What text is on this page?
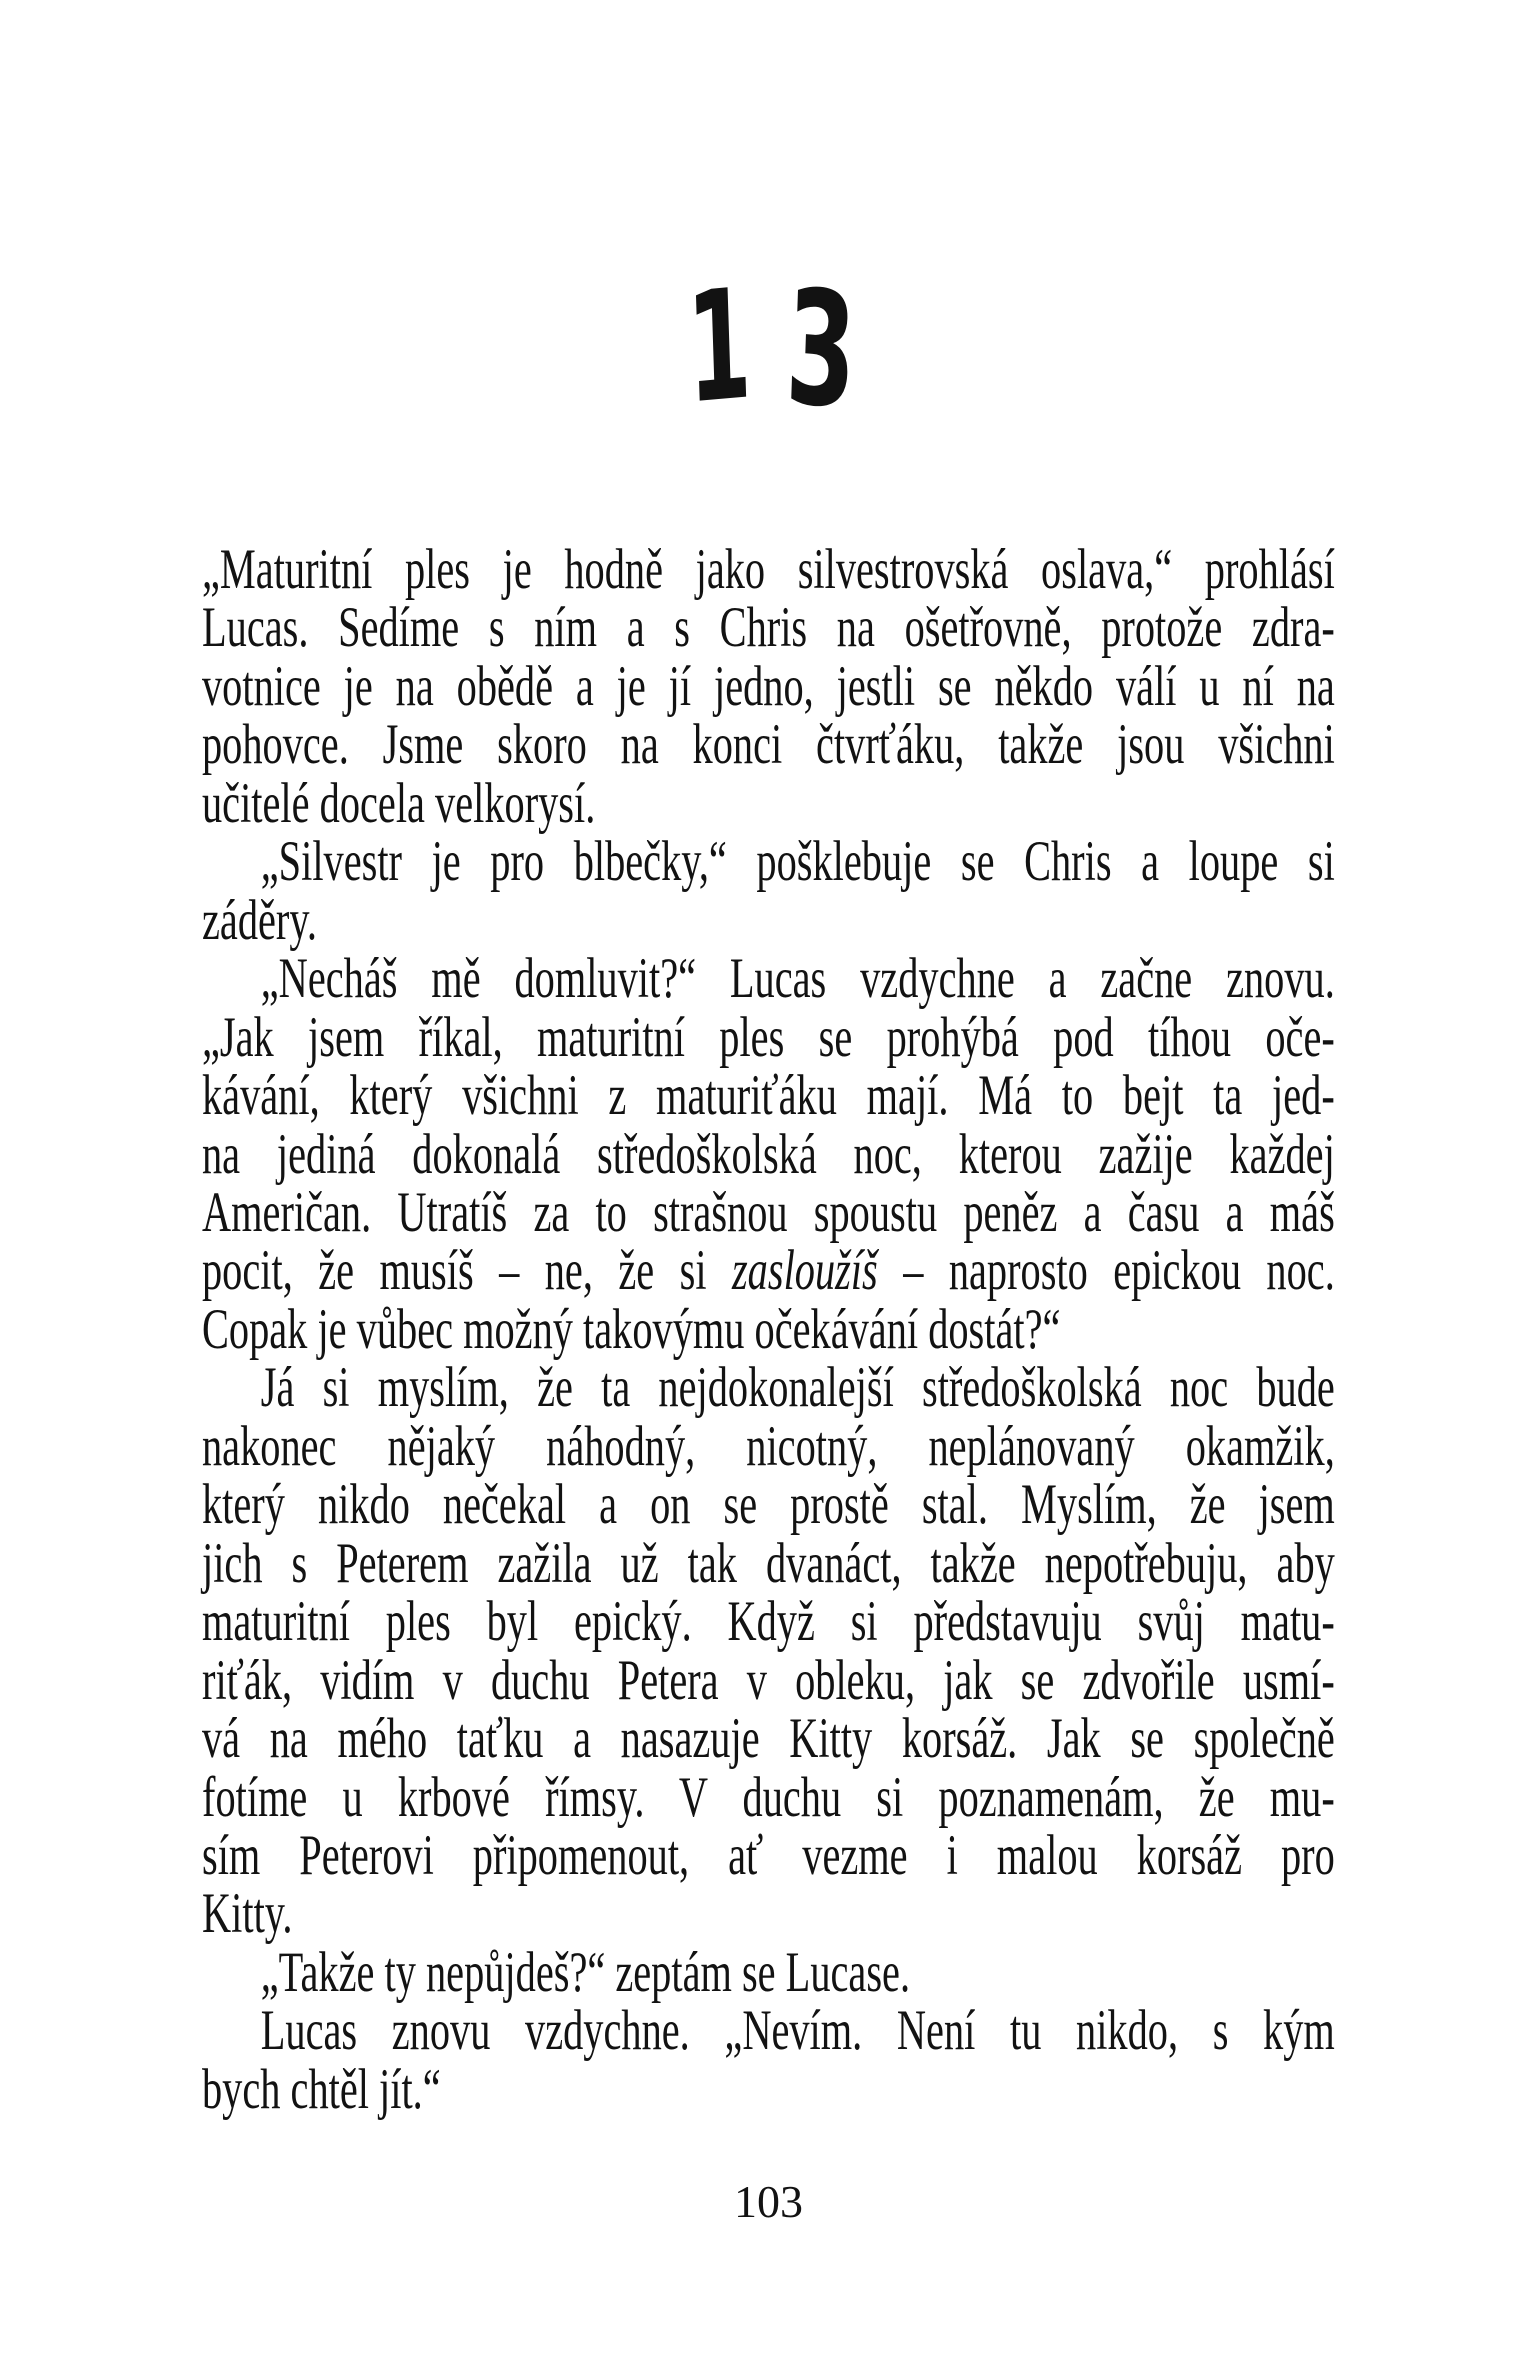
1 3
„Maturitní ples je hodně jako silvestrovská oslava,“ prohlásí
Lucas. Sedíme s ním a s Chris na ošetřovně, protože zdra-
votnice je na obědě a je jí jedno, jestli se někdo válí u ní na
pohovce. Jsme skoro na konci čtvrťáku, takže jsou všichni
učitelé docela velkorysí.
„Silvestr je pro blbečky,“ pošklebuje se Chris a loupe si
záděry.
„Necháš mě domluvit?“ Lucas vzdychne a začne znovu.
„Jak jsem říkal, maturitní ples se prohýbá pod tíhou oče-
kávání, který všichni z maturiťáku mají. Má to bejt ta jed-
na jediná dokonalá středoškolská noc, kterou zažije každej
Američan. Utratíš za to strašnou spoustu peněz a času a máš
pocit, že musíš – ne, že si zasloužíš – naprosto epickou noc.
Copak je vůbec možný takovýmu očekávání dostát?“
Já si myslím, že ta nejdokonalejší středoškolská noc bude
nakonec nějaký náhodný, nicotný, neplánovaný okamžik,
který nikdo nečekal a on se prostě stal. Myslím, že jsem
jich s Peterem zažila už tak dvanáct, takže nepotřebuju, aby
maturitní ples byl epický. Když si představuju svůj matu-
riťák, vidím v duchu Petera v obleku, jak se zdvořile usmí-
vá na mého taťku a nasazuje Kitty korsáž. Jak se společně
fotíme u krbové římsy. V duchu si poznamenám, že mu-
sím Peterovi připomenout, ať vezme i malou korsáž pro
Kitty.
„Takže ty nepůjdeš?“ zeptám se Lucase.
Lucas znovu vzdychne. „Nevím. Není tu nikdo, s kým
bych chtěl jít.“
103
